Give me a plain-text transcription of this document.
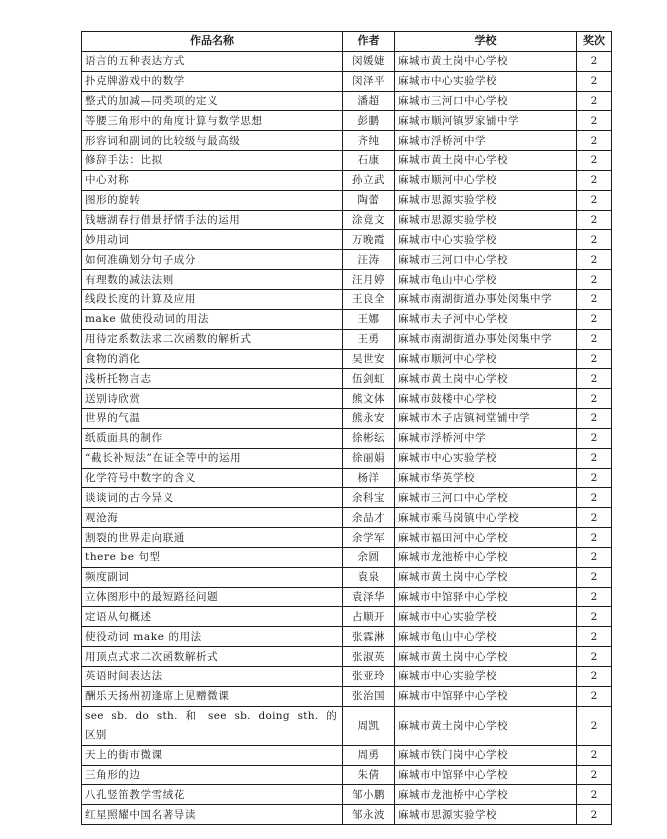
作品名称	作者	学校	奖次
语言的五种表达方式	闵媛婕	麻城市黄土岗中心学校	2
扑克牌游戏中的数学	闵泽平	麻城市中心实验学校	2
整式的加减—同类项的定义	潘超	麻城市三河口中心学校	2
等腰三角形中的角度计算与数学思想	彭鹏	麻城市顺河镇罗家铺中学	2
形容词和副词的比较级与最高级	齐纯	麻城市浮桥河中学	2
修辞手法：比拟	石康	麻城市黄土岗中心学校	2
中心对称	孙立武	麻城市顺河中心学校	2
图形的旋转	陶蕾	麻城市思源实验学校	2
钱塘湖春行借景抒情手法的运用	涂竟文	麻城市思源实验学校	2
妙用动词	万晚霞	麻城市中心实验学校	2
如何准确划分句子成分	汪涛	麻城市三河口中心学校	2
有理数的减法法则	汪月婷	麻城市龟山中心学校	2
线段长度的计算及应用	王良全	麻城市南湖街道办事处闵集中学	2
make 做使役动词的用法	王娜	麻城市夫子河中心学校	2
用待定系数法求二次函数的解析式	王勇	麻城市南湖街道办事处闵集中学	2
食物的消化	吴世安	麻城市顺河中心学校	2
浅析托物言志	伍剑虹	麻城市黄土岗中心学校	2
送别诗欣赏	熊文体	麻城市鼓楼中心学校	2
世界的气温	熊永安	麻城市木子店镇祠堂铺中学	2
纸质面具的制作	徐彬纭	麻城市浮桥河中学	2
“截长补短法”在证全等中的运用	徐丽娟	麻城市中心实验学校	2
化学符号中数字的含义	杨洋	麻城市华英学校	2
谈谈词的古今异义	余科宝	麻城市三河口中心学校	2
观沧海	余品才	麻城市乘马岗镇中心学校	2
割裂的世界走向联通	余学军	麻城市福田河中心学校	2
there be 句型	余圆	麻城市龙池桥中心学校	2
频度副词	袁泉	麻城市黄土岗中心学校	2
立体图形中的最短路径问题	袁泽华	麻城市中馆驿中心学校	2
定语从句概述	占顺开	麻城市中心实验学校	2
使役动词 make 的用法	张霖淋	麻城市龟山中心学校	2
用顶点式求二次函数解析式	张淑英	麻城市黄土岗中心学校	2
英语时间表达法	张亚玲	麻城市中心实验学校	2
酬乐天扬州初逢席上见赠微课	张治国	麻城市中馆驿中心学校	2

see sb. do sth. 和 see sb. doing sth. 的
区别	周凯	麻城市黄土岗中心学校	2
天上的街市微课	周勇	麻城市铁门岗中心学校	2
三角形的边	朱倩	麻城市中馆驿中心学校	2
八孔竖笛教学雪绒花	邹小鹏	麻城市龙池桥中心学校	2
红星照耀中国名著导读	邹永波	麻城市思源实验学校	2
